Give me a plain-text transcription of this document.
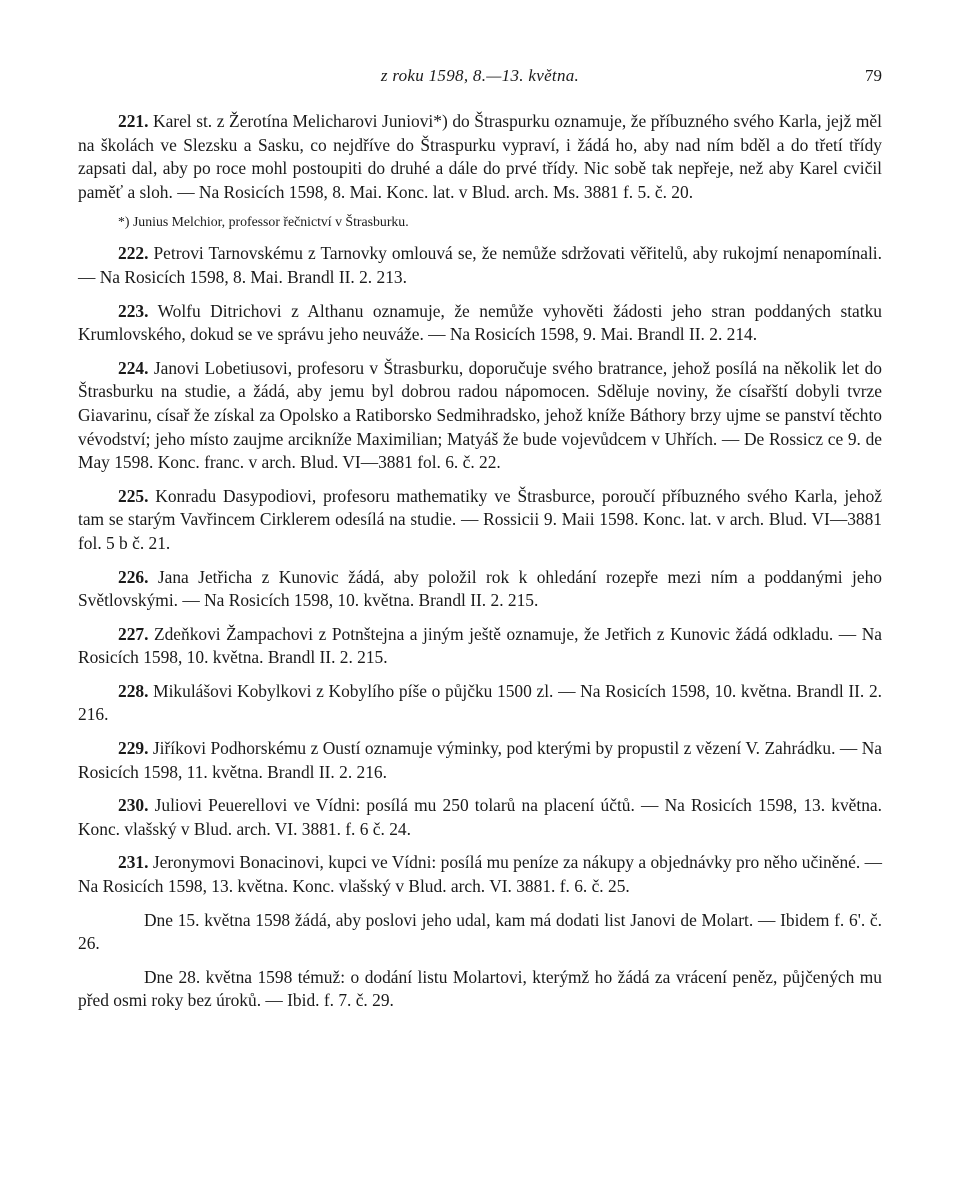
z roku 1598, 8.—13. května.	79

221. Karel st. z Žerotína Melicharovi Juniovi*) do Štraspurku oznamuje, že příbuzného svého Karla, jejž měl na školách ve Slezsku a Sasku, co nejdříve do Štraspurku vypraví, i žádá ho, aby nad ním bděl a do třetí třídy zapsati dal, aby po roce mohl postoupiti do druhé a dále do prvé třídy. Nic sobě tak nepřeje, než aby Karel cvičil paměť a sloh. — Na Rosicích 1598, 8. Mai. Konc. lat. v Blud. arch. Ms. 3881 f. 5. č. 20.

*) Junius Melchior, professor řečnictví v Štrasburku.

222. Petrovi Tarnovskému z Tarnovky omlouvá se, že nemůže sdržovati věřitelů, aby rukojmí nenapomínali. — Na Rosicích 1598, 8. Mai. Brandl II. 2. 213.

223. Wolfu Ditrichovi z Althanu oznamuje, že nemůže vyhověti žádosti jeho stran poddaných statku Krumlovského, dokud se ve správu jeho neuváže. — Na Rosicích 1598, 9. Mai. Brandl II. 2. 214.

224. Janovi Lobetiusovi, profesoru v Štrasburku, doporučuje svého bratrance, jehož posílá na několik let do Štrasburku na studie, a žádá, aby jemu byl dobrou radou nápomocen. Sděluje noviny, že císařští dobyli tvrze Giavarinu, císař že získal za Opolsko a Ratiborsko Sedmihradsko, jehož kníže Báthory brzy ujme se panství těchto vévodství; jeho místo zaujme arcikníže Maximilian; Matyáš že bude vojevůdcem v Uhřích. — De Rossicz ce 9. de May 1598. Konc. franc. v arch. Blud. VI—3881 fol. 6. č. 22.

225. Konradu Dasypodiovi, profesoru mathematiky ve Štrasburce, poroučí příbuzného svého Karla, jehož tam se starým Vavřincem Cirklerem odesílá na studie. — Rossicii 9. Maii 1598. Konc. lat. v arch. Blud. VI—3881 fol. 5 b č. 21.

226. Jana Jetřicha z Kunovic žádá, aby položil rok k ohledání rozepře mezi ním a poddanými jeho Světlovskými. — Na Rosicích 1598, 10. května. Brandl II. 2. 215.

227. Zdeňkovi Žampachovi z Potnštejna a jiným ještě oznamuje, že Jetřich z Kunovic žádá odkladu. — Na Rosicích 1598, 10. května. Brandl II. 2. 215.

228. Mikulášovi Kobylkovi z Kobylího píše o půjčku 1500 zl. — Na Rosicích 1598, 10. května. Brandl II. 2. 216.

229. Jiříkovi Podhorskému z Oustí oznamuje výminky, pod kterými by propustil z vězení V. Zahrádku. — Na Rosicích 1598, 11. května. Brandl II. 2. 216.

230. Juliovi Peuerellovi ve Vídni: posílá mu 250 tolarů na placení účtů. — Na Rosicích 1598, 13. května. Konc. vlašský v Blud. arch. VI. 3881. f. 6 č. 24.

231. Jeronymovi Bonacinovi, kupci ve Vídni: posílá mu peníze za nákupy a objednávky pro něho učiněné. — Na Rosicích 1598, 13. května. Konc. vlašský v Blud. arch. VI. 3881. f. 6. č. 25.

Dne 15. května 1598 žádá, aby poslovi jeho udal, kam má dodati list Janovi de Molart. — Ibidem f. 6'. č. 26.

Dne 28. května 1598 témuž: o dodání listu Molartovi, kterýmž ho žádá za vrácení peněz, půjčených mu před osmi roky bez úroků. — Ibid. f. 7. č. 29.
